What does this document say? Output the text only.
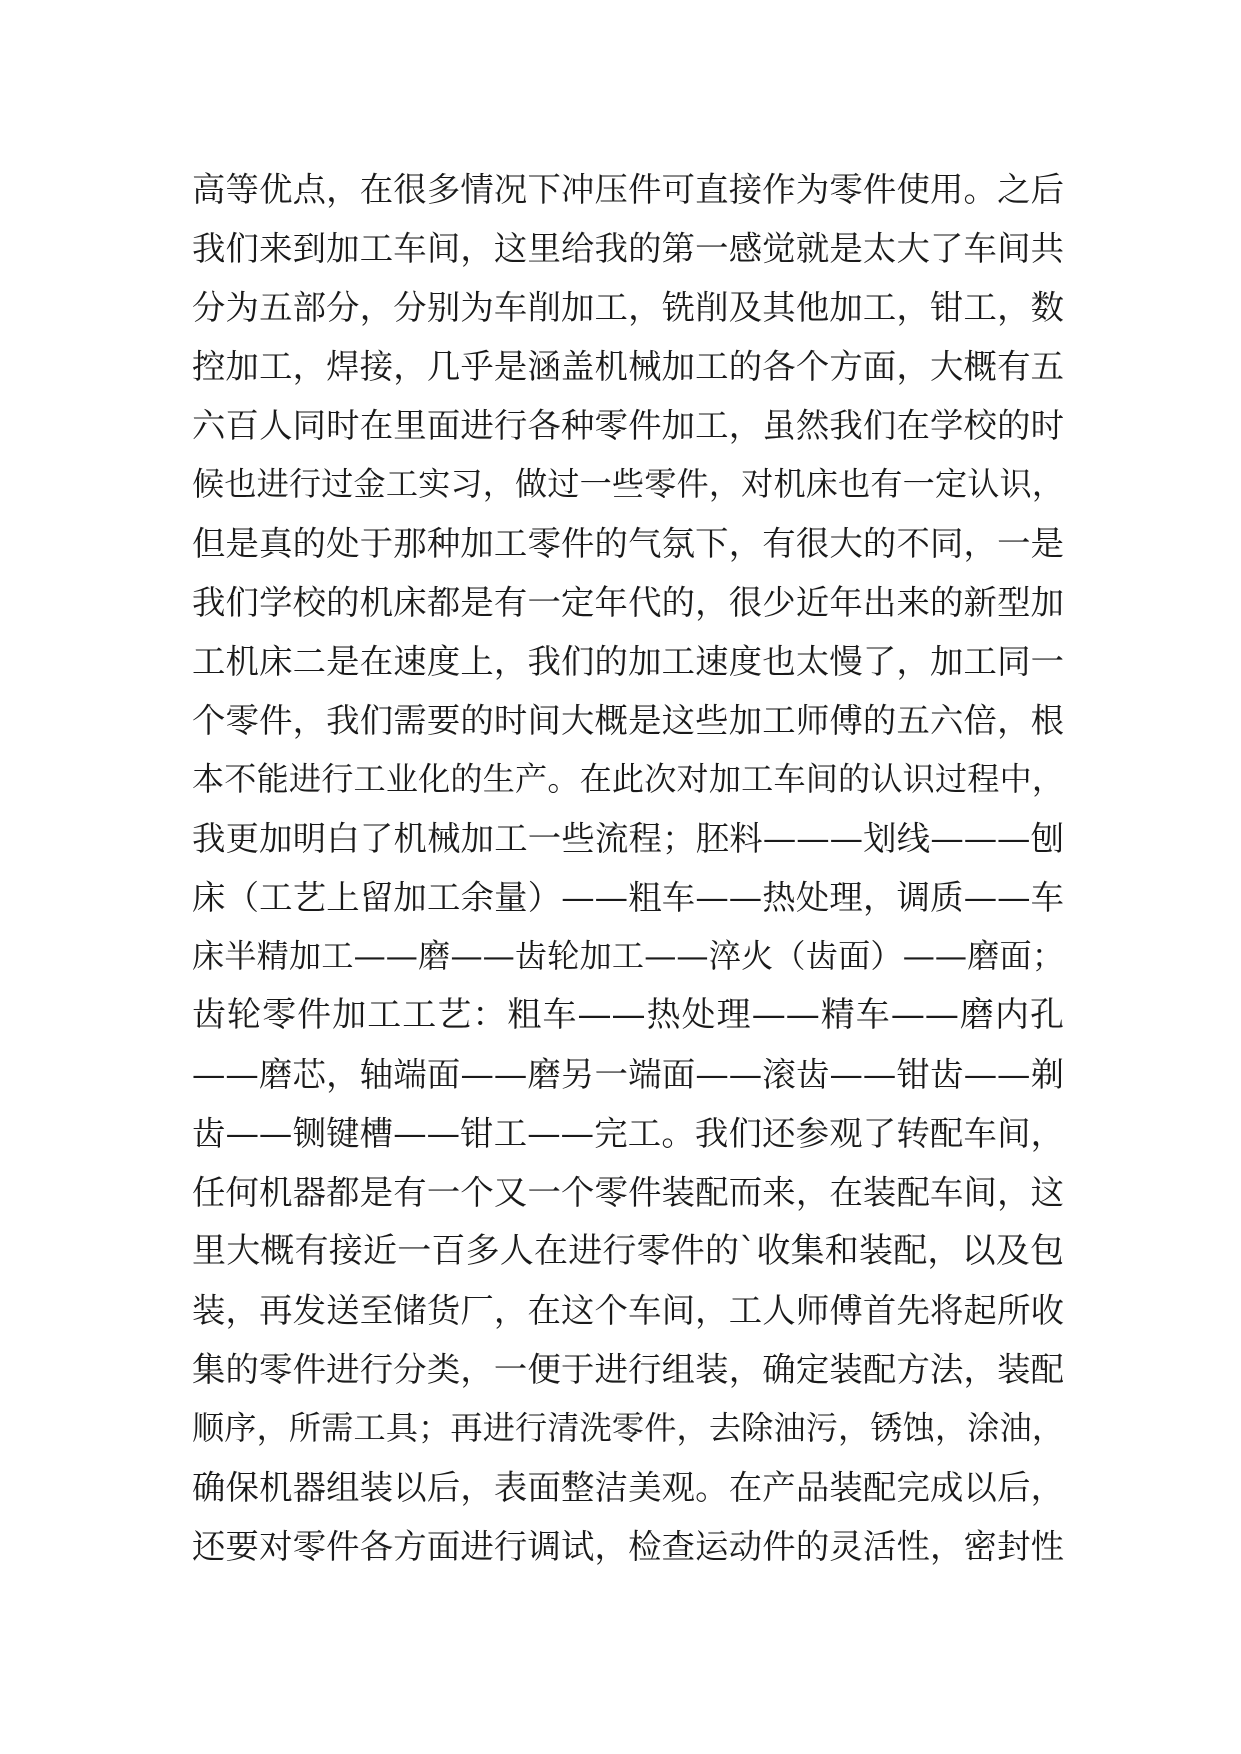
高等优点，在很多情况下冲压件可直接作为零件使用。之后
我们来到加工车间，这里给我的第一感觉就是太大了车间共
分为五部分，分别为车削加工，铣削及其他加工，钳工，数
控加工，焊接，几乎是涵盖机械加工的各个方面，大概有五
六百人同时在里面进行各种零件加工，虽然我们在学校的时
候也进行过金工实习，做过一些零件，对机床也有一定认识，
但是真的处于那种加工零件的气氛下，有很大的不同，一是
我们学校的机床都是有一定年代的，很少近年出来的新型加
工机床二是在速度上，我们的加工速度也太慢了，加工同一
个零件，我们需要的时间大概是这些加工师傅的五六倍，根
本不能进行工业化的生产。在此次对加工车间的认识过程中，
我更加明白了机械加工一些流程；胚料———划线———刨
床（工艺上留加工余量）——粗车——热处理，调质——车
床半精加工——磨——齿轮加工——淬火（齿面）——磨面；
齿轮零件加工工艺：粗车——热处理——精车——磨内孔
——磨芯，轴端面——磨另一端面——滚齿——钳齿——剃
齿——铡键槽——钳工——完工。我们还参观了转配车间，
任何机器都是有一个又一个零件装配而来，在装配车间，这
里大概有接近一百多人在进行零件的`收集和装配，以及包
装，再发送至储货厂，在这个车间，工人师傅首先将起所收
集的零件进行分类，一便于进行组装，确定装配方法，装配
顺序，所需工具；再进行清洗零件，去除油污，锈蚀，涂油，
确保机器组装以后，表面整洁美观。在产品装配完成以后，
还要对零件各方面进行调试，检查运动件的灵活性，密封性
